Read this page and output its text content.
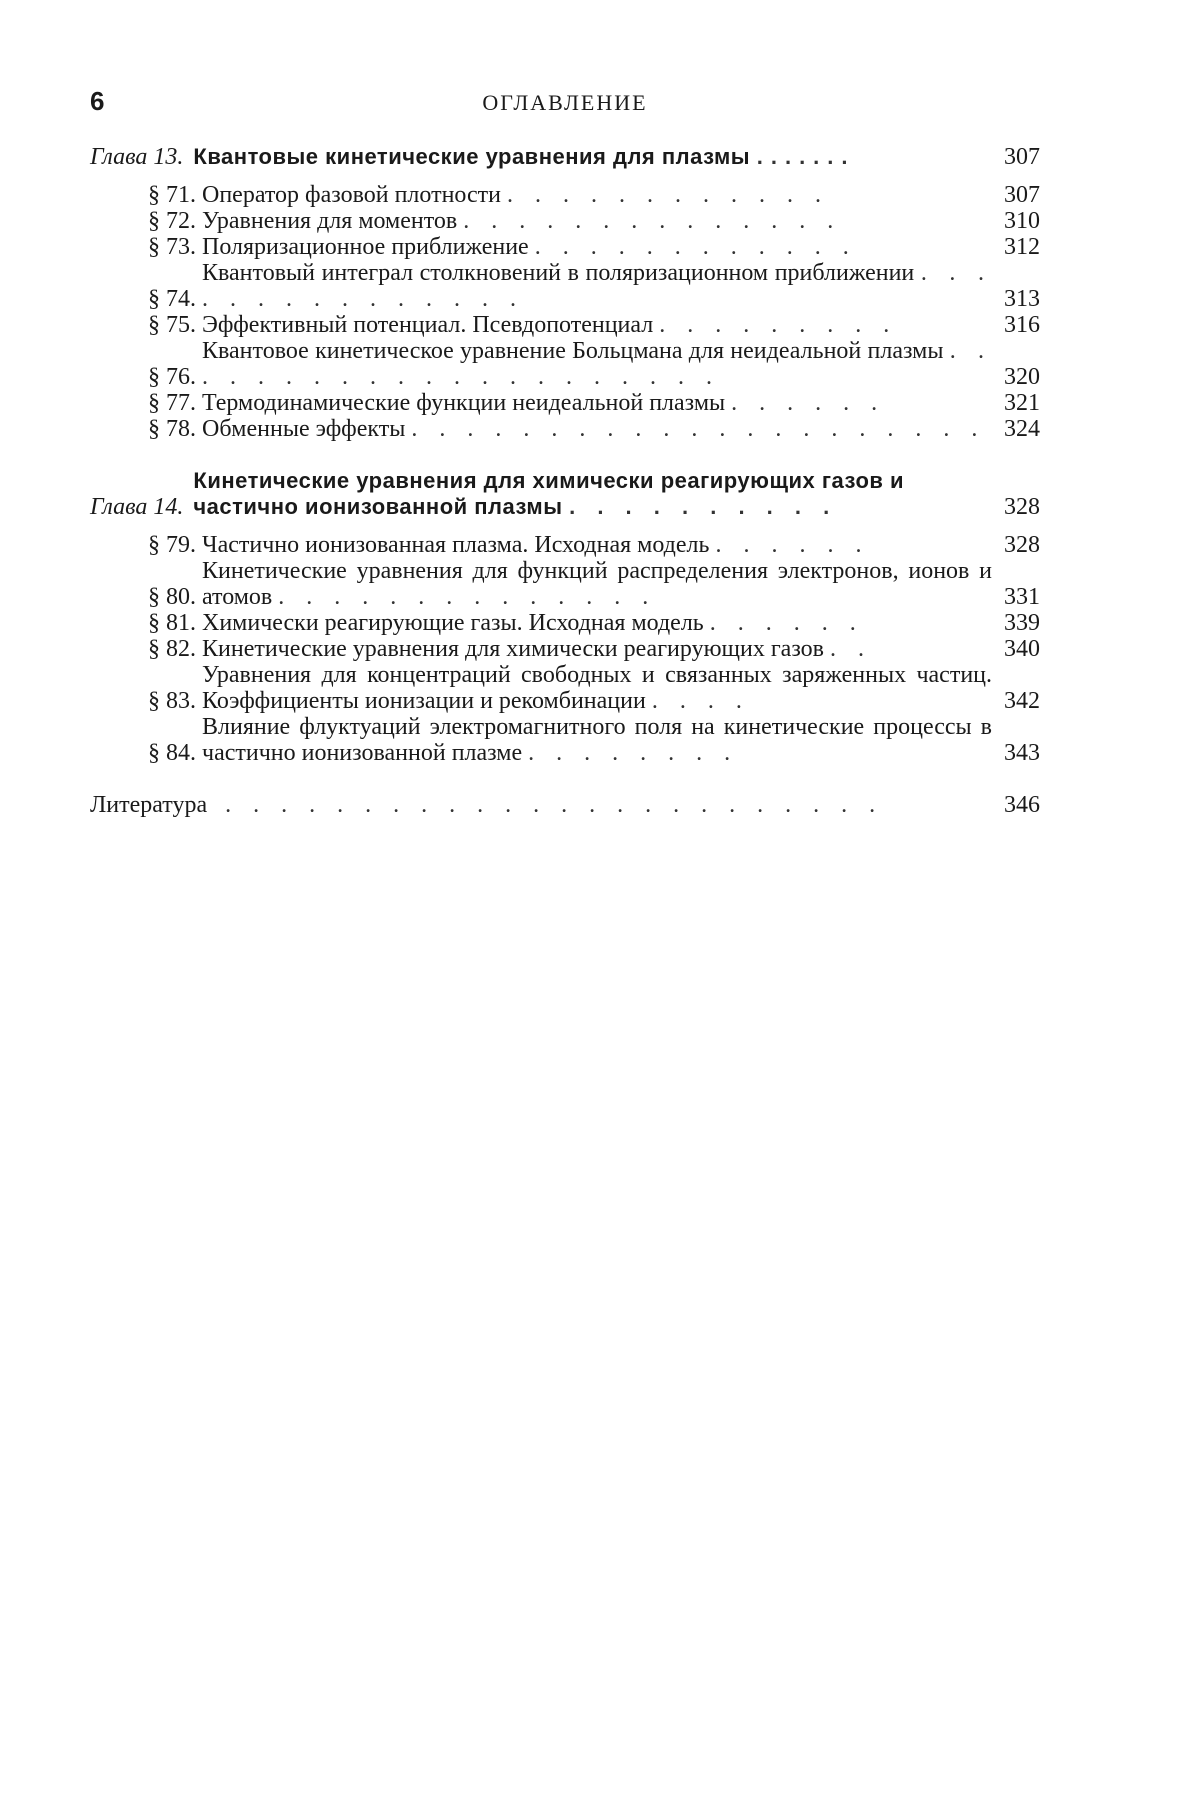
6	ОГЛАВЛЕНИЕ
Глава 13. Квантовые кинетические уравнения для плазмы .......	307
§ 71. Оператор фазовой плотности . . . . . . . . . . . .	307
§ 72. Уравнения для моментов . . . . . . . . . . . . . .	310
§ 73. Поляризационное приближение . . . . . . . . . . . .	312
§ 74.
Квантовый интеграл столкновений в поляризационном приближении . . . . . . . . . . . . . . .	313
§ 75. Эффективный потенциал. Псевдопотенциал . . . . . . . . .	316
§ 76.
Квантовое кинетическое уравнение Больцмана для неидеальной плазмы . . . . . . . . . . . . . . . . . . . . .	320
§ 77. Термодинамические функции неидеальной плазмы . . . . . .	321
§ 78. Обменные эффекты . . . . . . . . . . . . . . . . . . . . . 324
Глава 14.
Кинетические уравнения для химически реагирующих газов и частично ионизованной плазмы . . . . . . . . . .	328
§ 79. Частично ионизованная плазма. Исходная модель . . . . . .	328
§ 80.
Кинетические уравнения для функций распределения электронов, ионов и атомов . . . . . . . . . . . . . .	331
§ 81. Химически реагирующие газы. Исходная модель . . . . . .	339
§ 82. Кинетические уравнения для химически реагирующих газов . .	340
§ 83.
Уравнения для концентраций свободных и связанных заряженных частиц. Коэффициенты ионизации и рекомбинации . . . .	342
§ 84.
Влияние флуктуаций электромагнитного поля на кинетические процессы в частично ионизованной плазме . . . . . . . .	343
Литература . . . . . . . . . . . . . . . . . . . . . . . .	346
